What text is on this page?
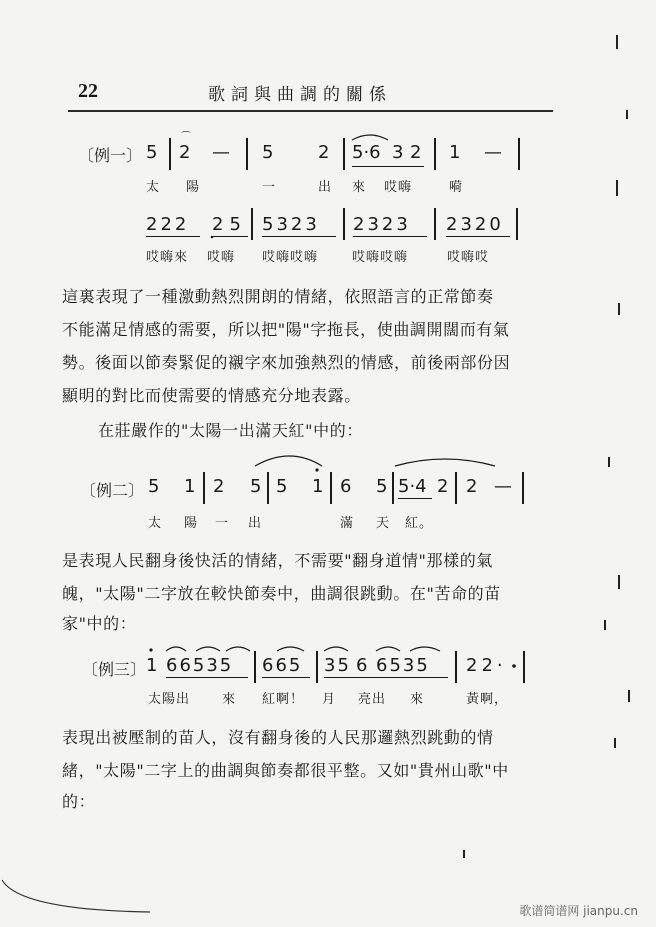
22	歌詞與曲調的關係
〔例一〕 5 2
⌒
— 5 2 5·6 3 2 1 —
太 陽	一	出 來 哎嗨	嗬
222 25 5323 2323 2320
哎嗨來 哎嗨 哎嗨哎嗨	哎嗨哎嗨	哎嗨哎
這裏表現了一種激動熱烈開朗的情緒，依照語言的正常節奏
不能滿足情感的需要，所以把"陽"字拖長，使曲調開闊而有氣
勢。後面以節奏緊促的襯字來加強熱烈的情感，前後兩部份因
顯明的對比而使需要的情感充分地表露。
在莊嚴作的"太陽一出滿天紅"中的：
〔例二〕 5 1 2 5 5 1 6 5 5·4 2 2 —
太 陽 一 出	滿 天 紅。
是表現人民翻身後快活的情緒，不需要"翻身道情"那樣的氣
魄，"太陽"二字放在較快節奏中，曲調很跳動。在"苦命的苗
家"中的：
〔例三〕 1 66535 665 35 6 6535 22·
太陽出 來 紅啊！ 月 亮出 來	黃啊，
表現出被壓制的苗人，沒有翻身後的人民那邏熱烈跳動的情
緒，"太陽"二字上的曲調與節奏都很平整。又如"貴州山歌"中
的：
歌谱简谱网 jianpu.cn
